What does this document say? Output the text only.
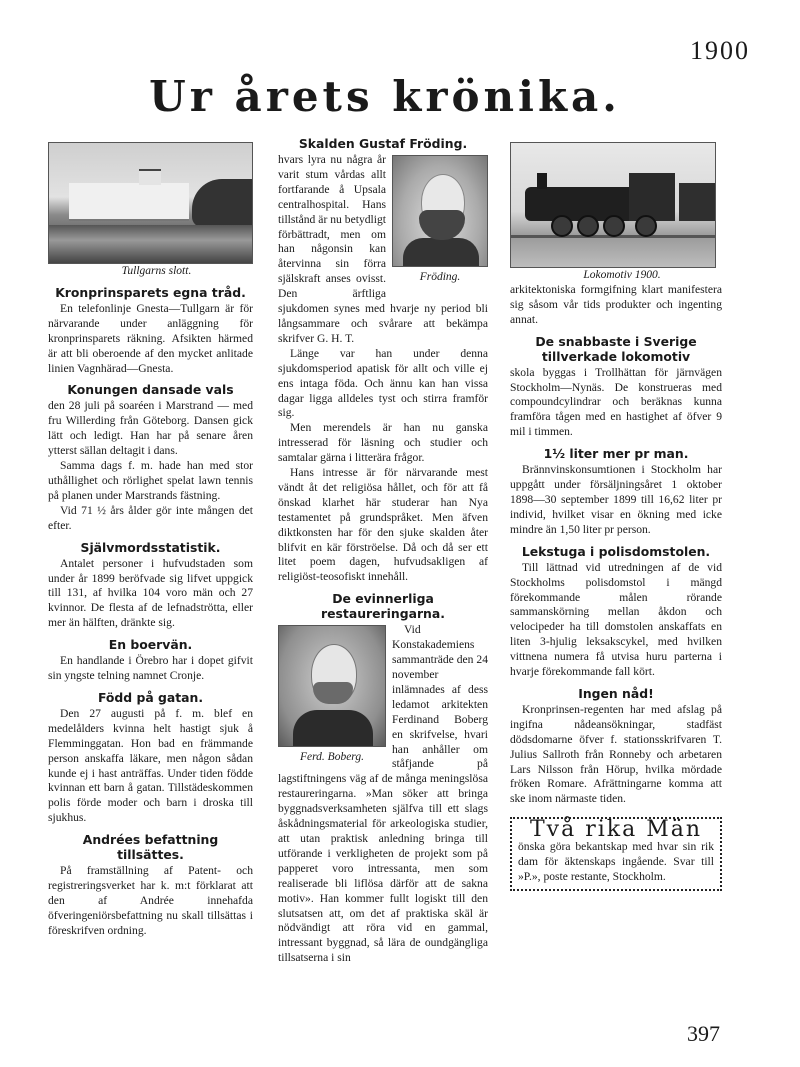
1900
Ur årets krönika.

Tullgarns slott.

Kronprinsparets egna tråd.

En telefonlinje Gnesta—Tullgarn är för närvarande under anläggning för kronprinsparets räkning. Afsikten härmed är att bli oberoende af den mycket anlitade linien Vagnhärad—Gnesta.

Konungen dansade vals

den 28 juli på soaréen i Marstrand — med fru Willerding från Göteborg. Dansen gick lätt och ledigt. Han har på senare åren ytterst sällan deltagit i dans.

Samma dags f. m. hade han med stor uthållighet och rörlighet spelat lawn tennis på planen under Marstrands fästning.

Vid 71 ½ års ålder gör inte mången det efter.

Självmordsstatistik.

Antalet personer i hufvudstaden som under år 1899 beröfvade sig lifvet uppgick till 131, af hvilka 104 voro män och 27 kvinnor. De flesta af de lefnadströtta, eller mer än hälften, dränkte sig.

En boervän.

En handlande i Örebro har i dopet gifvit sin yngste telning namnet Cronje.

Född på gatan.

Den 27 augusti på f. m. blef en medelålders kvinna helt hastigt sjuk å Flemminggatan. Hon bad en främmande person anskaffa läkare, men någon sådan kunde ej i hast anträffas. Under tiden födde kvinnan ett barn å gatan. Tillstädeskommen polis förde moder och barn i droska till sjukhus.

Andrées befattning tillsättes.

På framställning af Patent- och registreringsverket har k. m:t förklarat att den af Andrée innehafda öfveringeniörsbefattning nu skall tillsättas i föreskrifven ordning.

Skalden Gustaf Fröding.
Fröding.

hvars lyra nu några år varit stum vårdas allt fortfarande å Upsala centralhospital. Hans tillstånd är nu betydligt förbättradt, men om han någonsin kan återvinna sin förra själskraft anses ovisst. Den ärftliga sjukdomen synes med hvarje ny period bli långsammare och svårare att bekämpa skrifver G. H. T.

Länge var han under denna sjukdomsperiod apatisk för allt och ville ej ens intaga föda. Och ännu kan han vissa dagar ligga alldeles tyst och stirra framför sig.

Men merendels är han nu ganska intresserad för läsning och studier och samtalar gärna i litterära frågor.

Hans intresse är för närvarande mest vändt åt det religiösa hållet, och för att få önskad klarhet här studerar han Nya testamentet på grundspråket. Men äfven diktkonsten har för den sjuke skalden åter blifvit en kär förströelse. Då och då ser ett litet poem dagen, hufvudsakligen af religiöst-teosofiskt innehåll.

De evinnerliga restaureringarna.
Ferd. Boberg.

Vid Konstakademiens sammanträde den 24 november inlämnades af dess ledamot arkitekten Ferdinand Boberg en skrifvelse, hvari han anhåller om ståfjande på lagstiftningens väg af de många meningslösa restaureringarna. »Man söker att bringa byggnadsverksamheten själfva till ett slags åskådningsmaterial för arkeologiska studier, att utan praktisk anledning bringa till utförande i verkligheten de projekt som på papperet voro intressanta, men som realiserade bli liflösa därför att de sakna motiv». Han kommer fullt logiskt till den slutsatsen att, om det af praktiska skäl är nödvändigt att röra vid en gammal, intressant byggnad, så lära de oundgängliga tillsatserna i sin

Lokomotiv 1900.

arkitektoniska formgifning klart manifestera sig såsom vår tids produkter och ingenting annat.

De snabbaste i Sverige tillverkade lokomotiv

skola byggas i Trollhättan för järnvägen Stockholm—Nynäs. De konstrueras med compoundcylindrar och beräknas kunna framföra tågen med en hastighet af öfver 9 mil i timmen.

1½ liter mer pr man.

Brännvinskonsumtionen i Stockholm har uppgått under försäljningsåret 1 oktober 1898—30 september 1899 till 16,62 liter pr individ, hvilket visar en ökning med icke mindre än 1,50 liter pr person.

Lekstuga i polisdomstolen.

Till lättnad vid utredningen af de vid Stockholms polisdomstol i mängd förekommande målen rörande sammanskörning mellan åkdon och velocipeder ha till domstolen anskaffats en liten 3-hjulig leksakscykel, med hvilken vittnena numera få utvisa huru parterna i hvarje förekommande fall kört.

Ingen nåd!

Kronprinsen-regenten har med afslag på ingifna nådeansökningar, stadfäst dödsdomarne öfver f. stationsskrifvaren T. Julius Sallroth från Ronneby och arbetaren Lars Nilsson från Hörup, hvilka mördade fröken Romare. Afrättningarne komma att ske inom närmaste tiden.

Två rika Män

önska göra bekantskap med hvar sin rik dam för äktenskaps ingående. Svar till »P.», poste restante, Stockholm.

397
